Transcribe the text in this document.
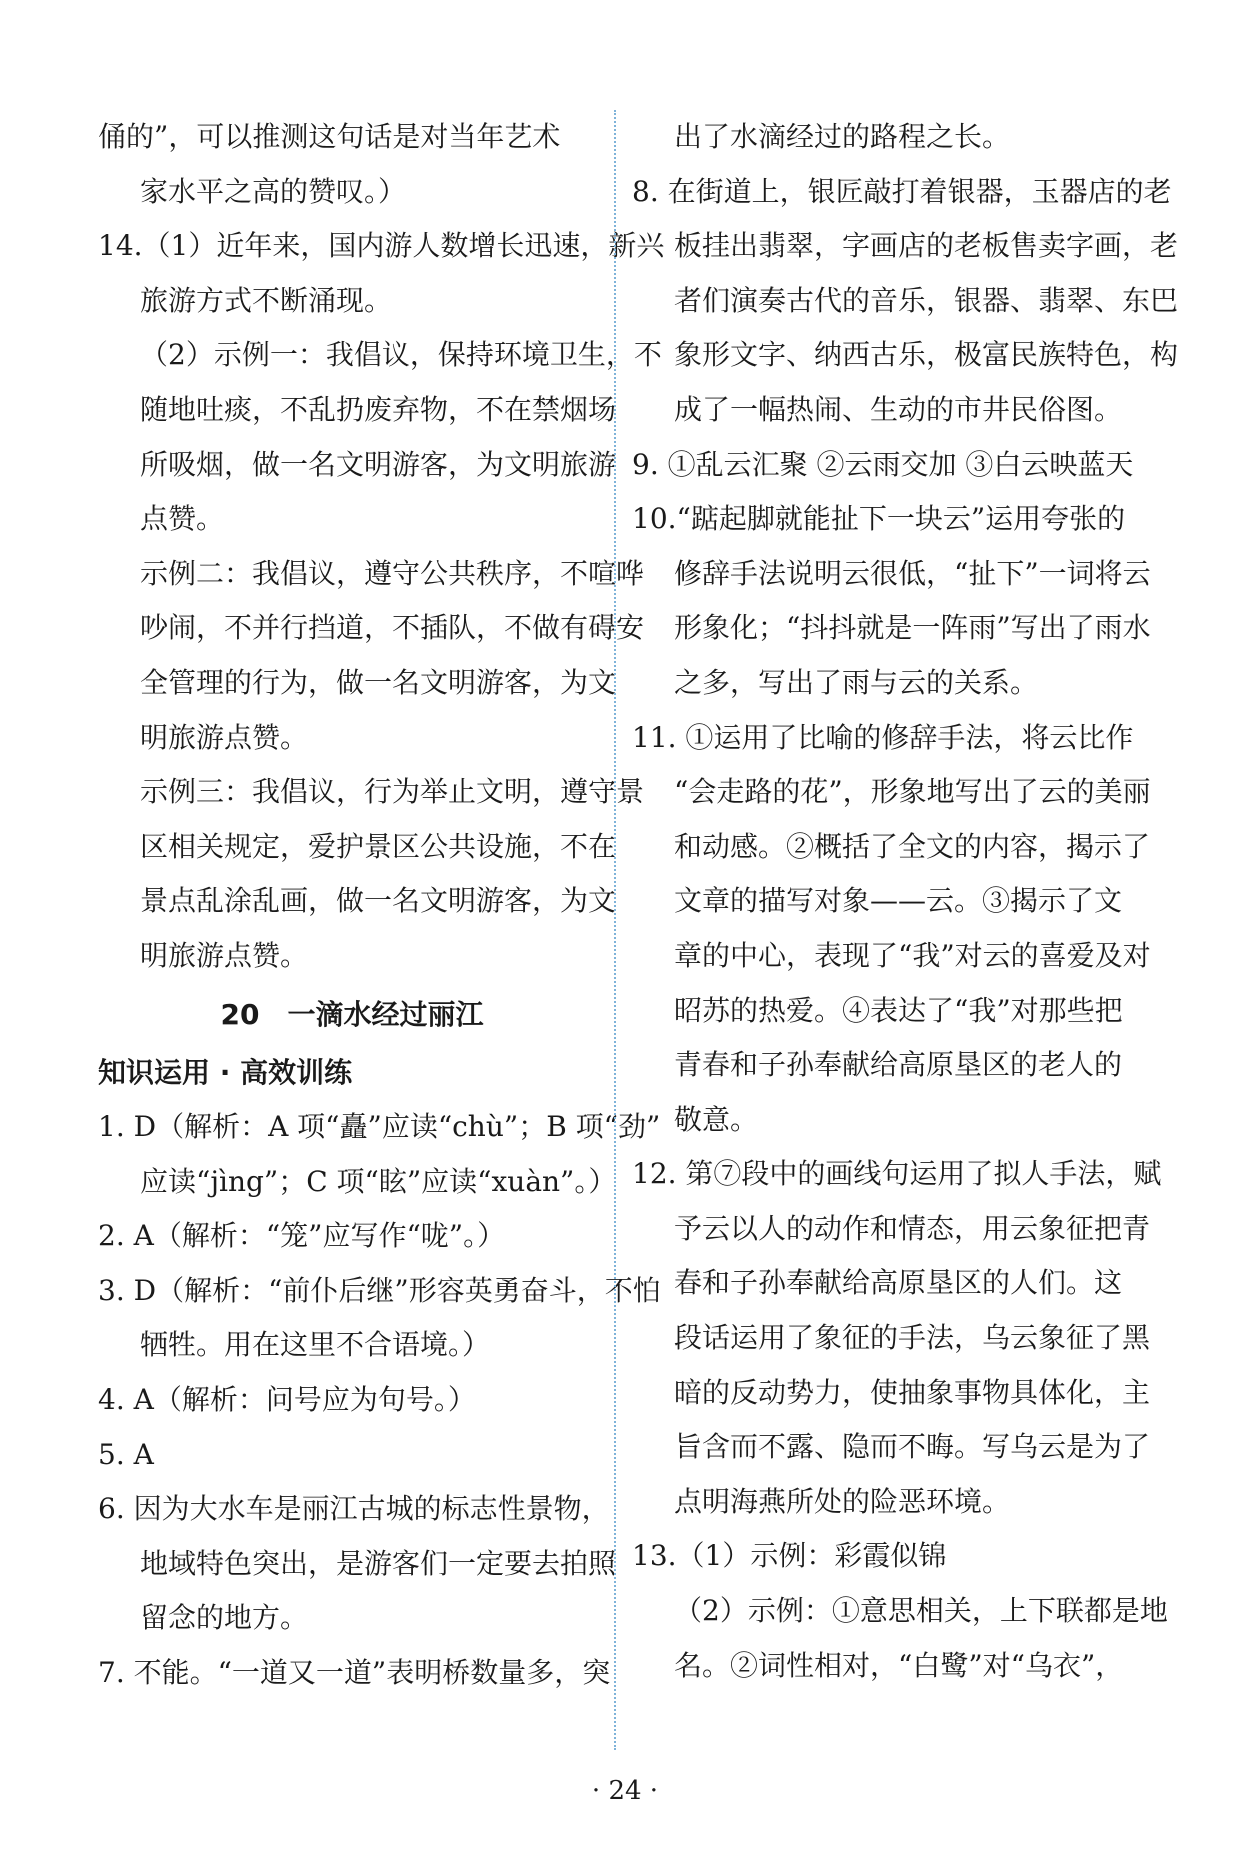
俑的”，可以推测这句话是对当年艺术
家水平之高的赞叹。）
14.（1）近年来，国内游人数增长迅速，新兴
旅游方式不断涌现。
（2）示例一：我倡议，保持环境卫生，不
随地吐痰，不乱扔废弃物，不在禁烟场
所吸烟，做一名文明游客，为文明旅游
点赞。
示例二：我倡议，遵守公共秩序，不喧哗
吵闹，不并行挡道，不插队，不做有碍安
全管理的行为，做一名文明游客，为文
明旅游点赞。
示例三：我倡议，行为举止文明，遵守景
区相关规定，爱护景区公共设施，不在
景点乱涂乱画，做一名文明游客，为文
明旅游点赞。
20　一滴水经过丽江
知识运用 · 高效训练
1. D（解析：A 项“矗”应读“chù”；B 项“劲”
应读“jìng”；C 项“眩”应读“xuàn”。）
2. A（解析：“笼”应写作“咙”。）
3. D（解析：“前仆后继”形容英勇奋斗，不怕
牺牲。用在这里不合语境。）
4. A（解析：问号应为句号。）
5. A
6. 因为大水车是丽江古城的标志性景物，
地域特色突出，是游客们一定要去拍照
留念的地方。
7. 不能。“一道又一道”表明桥数量多，突
出了水滴经过的路程之长。
8. 在街道上，银匠敲打着银器，玉器店的老
板挂出翡翠，字画店的老板售卖字画，老
者们演奏古代的音乐，银器、翡翠、东巴
象形文字、纳西古乐，极富民族特色，构
成了一幅热闹、生动的市井民俗图。
9. ①乱云汇聚 ②云雨交加 ③白云映蓝天
10.“踮起脚就能扯下一块云”运用夸张的
修辞手法说明云很低，“扯下”一词将云
形象化；“抖抖就是一阵雨”写出了雨水
之多，写出了雨与云的关系。
11. ①运用了比喻的修辞手法，将云比作
“会走路的花”，形象地写出了云的美丽
和动感。②概括了全文的内容，揭示了
文章的描写对象——云。③揭示了文
章的中心，表现了“我”对云的喜爱及对
昭苏的热爱。④表达了“我”对那些把
青春和子孙奉献给高原垦区的老人的
敬意。
12. 第⑦段中的画线句运用了拟人手法，赋
予云以人的动作和情态，用云象征把青
春和子孙奉献给高原垦区的人们。这
段话运用了象征的手法，乌云象征了黑
暗的反动势力，使抽象事物具体化，主
旨含而不露、隐而不晦。写乌云是为了
点明海燕所处的险恶环境。
13.（1）示例：彩霞似锦
（2）示例：①意思相关，上下联都是地
名。②词性相对，“白鹭”对“乌衣”，
· 24 ·
